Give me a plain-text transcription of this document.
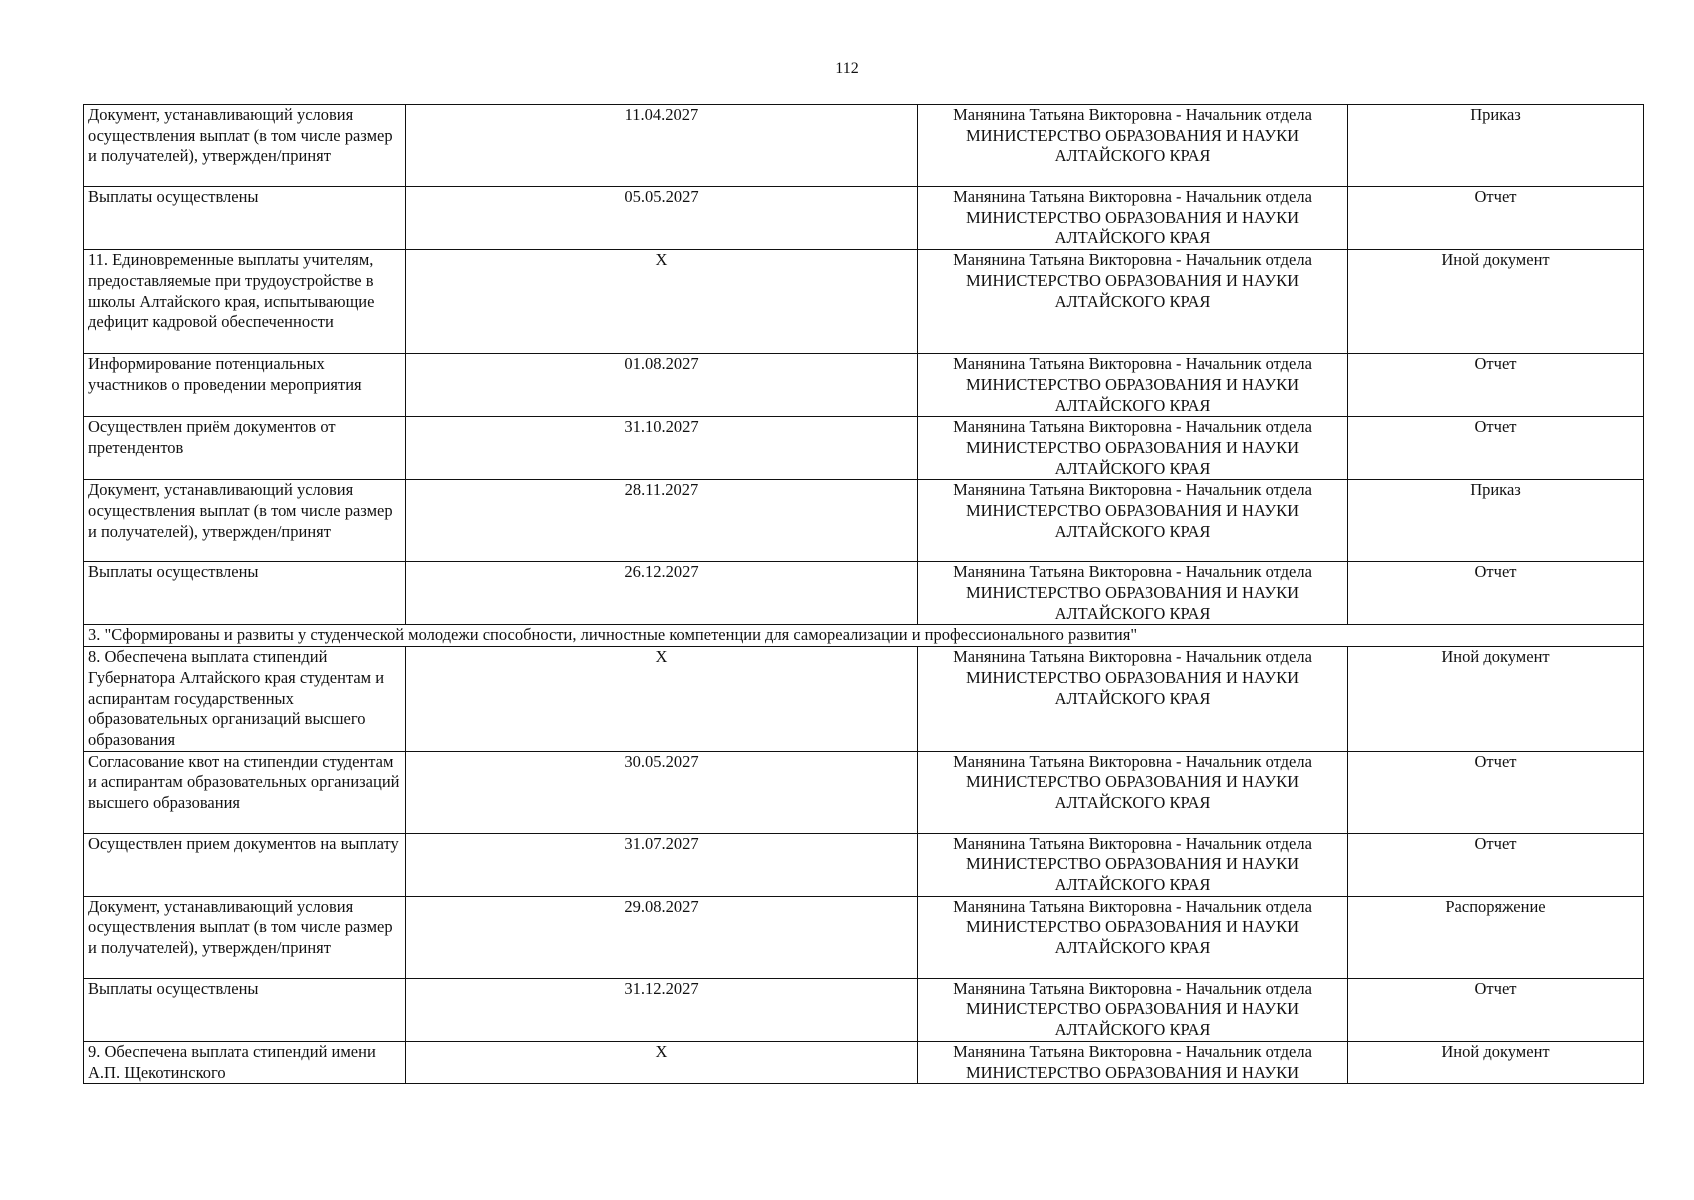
112
Документ, устанавливающий условия осуществления выплат (в том числе размер и получателей), утвержден/принят	11.04.2027	Манянина Татьяна Викторовна - Начальник отдела МИНИСТЕРСТВО ОБРАЗОВАНИЯ И НАУКИ АЛТАЙСКОГО КРАЯ	Приказ
Выплаты осуществлены	05.05.2027	Манянина Татьяна Викторовна - Начальник отдела МИНИСТЕРСТВО ОБРАЗОВАНИЯ И НАУКИ АЛТАЙСКОГО КРАЯ	Отчет
11. Единовременные выплаты учителям, предоставляемые при трудоустройстве в школы Алтайского края, испытывающие дефицит кадровой обеспеченности	X	Манянина Татьяна Викторовна - Начальник отдела МИНИСТЕРСТВО ОБРАЗОВАНИЯ И НАУКИ АЛТАЙСКОГО КРАЯ	Иной документ
Информирование потенциальных участников о проведении мероприятия	01.08.2027	Манянина Татьяна Викторовна - Начальник отдела МИНИСТЕРСТВО ОБРАЗОВАНИЯ И НАУКИ АЛТАЙСКОГО КРАЯ	Отчет
Осуществлен приём документов от претендентов	31.10.2027	Манянина Татьяна Викторовна - Начальник отдела МИНИСТЕРСТВО ОБРАЗОВАНИЯ И НАУКИ АЛТАЙСКОГО КРАЯ	Отчет
Документ, устанавливающий условия осуществления выплат (в том числе размер и получателей), утвержден/принят	28.11.2027	Манянина Татьяна Викторовна - Начальник отдела МИНИСТЕРСТВО ОБРАЗОВАНИЯ И НАУКИ АЛТАЙСКОГО КРАЯ	Приказ
Выплаты осуществлены	26.12.2027	Манянина Татьяна Викторовна - Начальник отдела МИНИСТЕРСТВО ОБРАЗОВАНИЯ И НАУКИ АЛТАЙСКОГО КРАЯ	Отчет
3. "Сформированы и развиты у студенческой молодежи способности, личностные компетенции для самореализации и профессионального развития"			
8. Обеспечена выплата стипендий Губернатора Алтайского края студентам и аспирантам государственных образовательных организаций высшего образования	X	Манянина Татьяна Викторовна - Начальник отдела МИНИСТЕРСТВО ОБРАЗОВАНИЯ И НАУКИ АЛТАЙСКОГО КРАЯ	Иной документ
Согласование квот на стипендии студентам и аспирантам образовательных организаций высшего образования	30.05.2027	Манянина Татьяна Викторовна - Начальник отдела МИНИСТЕРСТВО ОБРАЗОВАНИЯ И НАУКИ АЛТАЙСКОГО КРАЯ	Отчет
Осуществлен прием документов на выплату	31.07.2027	Манянина Татьяна Викторовна - Начальник отдела МИНИСТЕРСТВО ОБРАЗОВАНИЯ И НАУКИ АЛТАЙСКОГО КРАЯ	Отчет
Документ, устанавливающий условия осуществления выплат (в том числе размер и получателей), утвержден/принят	29.08.2027	Манянина Татьяна Викторовна - Начальник отдела МИНИСТЕРСТВО ОБРАЗОВАНИЯ И НАУКИ АЛТАЙСКОГО КРАЯ	Распоряжение
Выплаты осуществлены	31.12.2027	Манянина Татьяна Викторовна - Начальник отдела МИНИСТЕРСТВО ОБРАЗОВАНИЯ И НАУКИ АЛТАЙСКОГО КРАЯ	Отчет
9. Обеспечена выплата стипендий имени А.П. Щекотинского	X	Манянина Татьяна Викторовна - Начальник отдела МИНИСТЕРСТВО ОБРАЗОВАНИЯ И НАУКИ	Иной документ
